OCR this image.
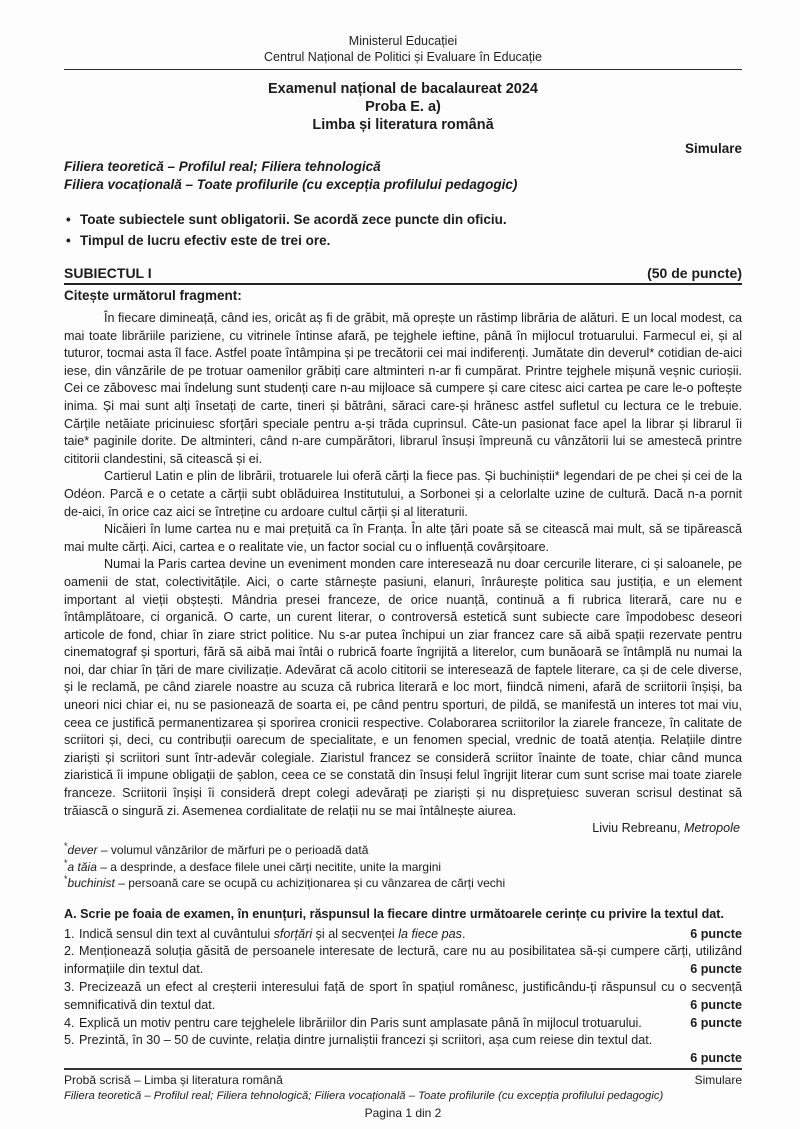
Ministerul Educației
Centrul Național de Politici și Evaluare în Educație
Examenul național de bacalaureat 2024
Proba E. a)
Limba și literatura română
Simulare
Filiera teoretică – Profilul real; Filiera tehnologică
Filiera vocațională – Toate profilurile (cu excepția profilului pedagogic)
• Toate subiectele sunt obligatorii. Se acordă zece puncte din oficiu.
• Timpul de lucru efectiv este de trei ore.
SUBIECTUL I	(50 de puncte)
Citește următorul fragment:

În fiecare dimineață, când ies, oricât aș fi de grăbit, mă oprește un răstimp librăria de alături. E un local modest, ca mai toate librăriile pariziene, cu vitrinele întinse afară, pe tejghele ieftine, până în mijlocul trotuarului. Farmecul ei, și al tuturor, tocmai asta îl face. Astfel poate întâmpina și pe trecătorii cei mai indiferenți. Jumătate din deverul* cotidian de-aici iese, din vânzările de pe trotuar oamenilor grăbiți care altminteri n-ar fi cumpărat. Printre tejghele mișună veșnic curioșii. Cei ce zăbovesc mai îndelung sunt studenți care n-au mijloace să cumpere și care citesc aici cartea pe care le-o poftește inima. Și mai sunt alți însetați de carte, tineri și bătrâni, săraci care-și hrănesc astfel sufletul cu lectura ce le trebuie. Cărțile netăiate pricinuiesc sforțări speciale pentru a-și trăda cuprinsul. Câte-un pasionat face apel la librar și librarul îi taie* paginile dorite. De altminteri, când n-are cumpărători, librarul însuși împreună cu vânzătorii lui se amestecă printre cititorii clandestini, să citească și ei.

Cartierul Latin e plin de librării, trotuarele lui oferă cărți la fiece pas. Și buchiniștii* legendari de pe chei și cei de la Odéon. Parcă e o cetate a cărții subt oblăduirea Institutului, a Sorbonei și a celorlalte uzine de cultură. Dacă n-a pornit de-aici, în orice caz aici se întreține cu ardoare cultul cărții și al literaturii.

Nicăieri în lume cartea nu e mai prețuită ca în Franța. În alte țări poate să se citească mai mult, să se tipărească mai multe cărți. Aici, cartea e o realitate vie, un factor social cu o influență covârșitoare.

Numai la Paris cartea devine un eveniment monden care interesează nu doar cercurile literare, ci și saloanele, pe oamenii de stat, colectivitățile. Aici, o carte stârnește pasiuni, elanuri, înrâurește politica sau justiția, e un element important al vieții obștești. Mândria presei franceze, de orice nuanță, continuă a fi rubrica literară, care nu e întâmplătoare, ci organică. O carte, un curent literar, o controversă estetică sunt subiecte care împodobesc deseori articole de fond, chiar în ziare strict politice. Nu s-ar putea închipui un ziar francez care să aibă spații rezervate pentru cinematograf și sporturi, fără să aibă mai întâi o rubrică foarte îngrijită a literelor, cum bunăoară se întâmplă nu numai la noi, dar chiar în țări de mare civilizație. Adevărat că acolo cititorii se interesează de faptele literare, ca și de cele diverse, și le reclamă, pe când ziarele noastre au scuza că rubrica literară e loc mort, fiindcă nimeni, afară de scriitorii înșiși, ba uneori nici chiar ei, nu se pasionează de soarta ei, pe când pentru sporturi, de pildă, se manifestă un interes tot mai viu, ceea ce justifică permanentizarea și sporirea cronicii respective. Colaborarea scriitorilor la ziarele franceze, în calitate de scriitori și, deci, cu contribuții oarecum de specialitate, e un fenomen special, vrednic de toată atenția. Relațiile dintre ziariști și scriitori sunt într-adevăr colegiale. Ziaristul francez se consideră scriitor înainte de toate, chiar când munca ziaristică îi impune obligații de șablon, ceea ce se constată din însuși felul îngrijit literar cum sunt scrise mai toate ziarele franceze. Scriitorii înșiși îi consideră drept colegi adevărați pe ziariști și nu disprețuiesc suveran scrisul destinat să trăiască o singură zi. Asemenea cordialitate de relații nu se mai întâlnește aiurea.

Liviu Rebreanu, Metropole
*dever – volumul vânzărilor de mărfuri pe o perioadă dată
*a tăia – a desprinde, a desface filele unei cărți necitite, unite la margini
*buchinist – persoană care se ocupă cu achiziționarea și cu vânzarea de cărți vechi

A. Scrie pe foaia de examen, în enunțuri, răspunsul la fiecare dintre următoarele cerințe cu privire la textul dat.

1. Indică sensul din text al cuvântului sforțări și al secvenței la fiece pas.	6 puncte

2. Menționează soluția găsită de persoanele interesate de lectură, care nu au posibilitatea să-și cumpere cărți, utilizând informațiile din textul dat.	6 puncte

3. Precizează un efect al creșterii interesului față de sport în spațiul românesc, justificându-ți răspunsul cu o secvență semnificativă din textul dat.	6 puncte

4. Explică un motiv pentru care tejghelele librăriilor din Paris sunt amplasate până în mijlocul trotuarului.	6 puncte

5. Prezintă, în 30 – 50 de cuvinte, relația dintre jurnaliștii francezi și scriitori, așa cum reiese din textul dat.

6 puncte

Probă scrisă – Limba și literatura română	Simulare
Filiera teoretică – Profilul real; Filiera tehnologică; Filiera vocațională – Toate profilurile (cu excepția profilului pedagogic)
Pagina 1 din 2
